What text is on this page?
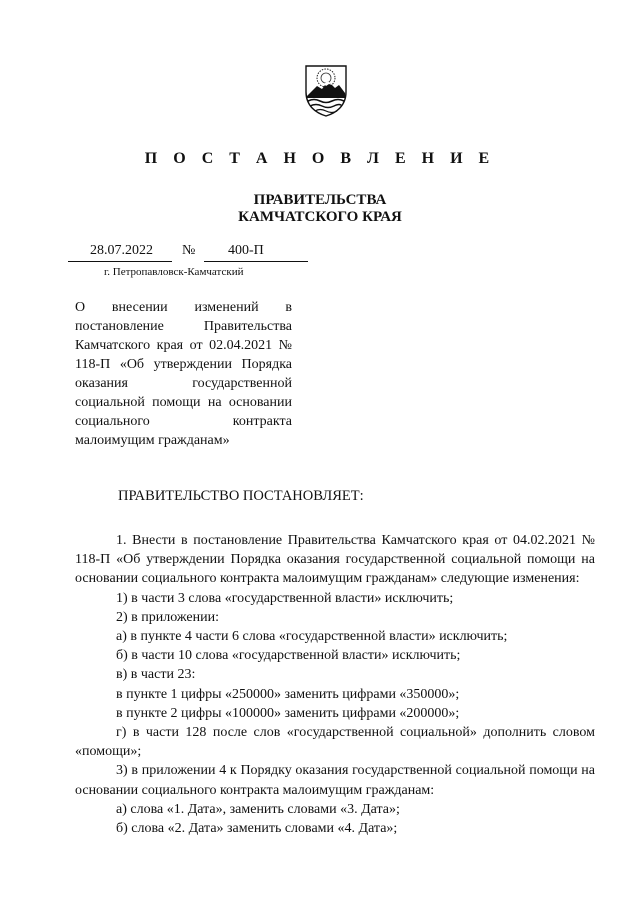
П О С Т А Н О В Л Е Н И Е
ПРАВИТЕЛЬСТВА
КАМЧАТСКОГО КРАЯ
28.07.2022 № 400-П
г. Петропавловск-Камчатский
О внесении изменений в постановление Правительства Камчатского края от 02.04.2021 № 118-П «Об утверждении Порядка оказания государственной социальной помощи на основании социального контракта малоимущим гражданам»
ПРАВИТЕЛЬСТВО ПОСТАНОВЛЯЕТ:

1. Внести в постановление Правительства Камчатского края от 04.02.2021 № 118-П «Об утверждении Порядка оказания государственной социальной помощи на основании социального контракта малоимущим гражданам» следующие изменения:

1) в части 3 слова «государственной власти» исключить;

2) в приложении:

а) в пункте 4 части 6 слова «государственной власти» исключить;

б) в части 10 слова «государственной власти» исключить;

в) в части 23:

в пункте 1 цифры «250000» заменить цифрами «350000»;

в пункте 2 цифры «100000» заменить цифрами «200000»;

г) в части 128 после слов «государственной социальной» дополнить словом «помощи»;

3) в приложении 4 к Порядку оказания государственной социальной помощи на основании социального контракта малоимущим гражданам:

а) слова «1. Дата», заменить словами «3. Дата»;

б) слова «2. Дата» заменить словами «4. Дата»;
